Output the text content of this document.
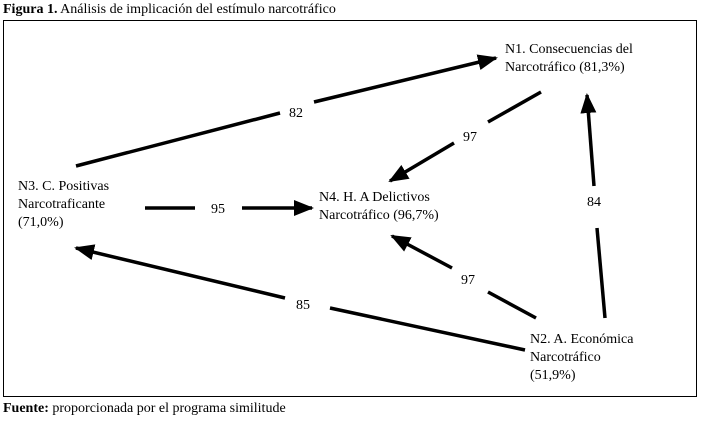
Figura 1. Análisis de implicación del estímulo narcotráfico
82
97
95	84
97
85
N1. Consecuencias del
Narcotráfico (81,3%)
N2. A. Económica
Narcotráfico
(51,9%)
N3. C. Positivas
Narcotraficante
(71,0%)
N4. H. A Delictivos
Narcotráfico (96,7%)
Fuente: proporcionada por el programa similitude
